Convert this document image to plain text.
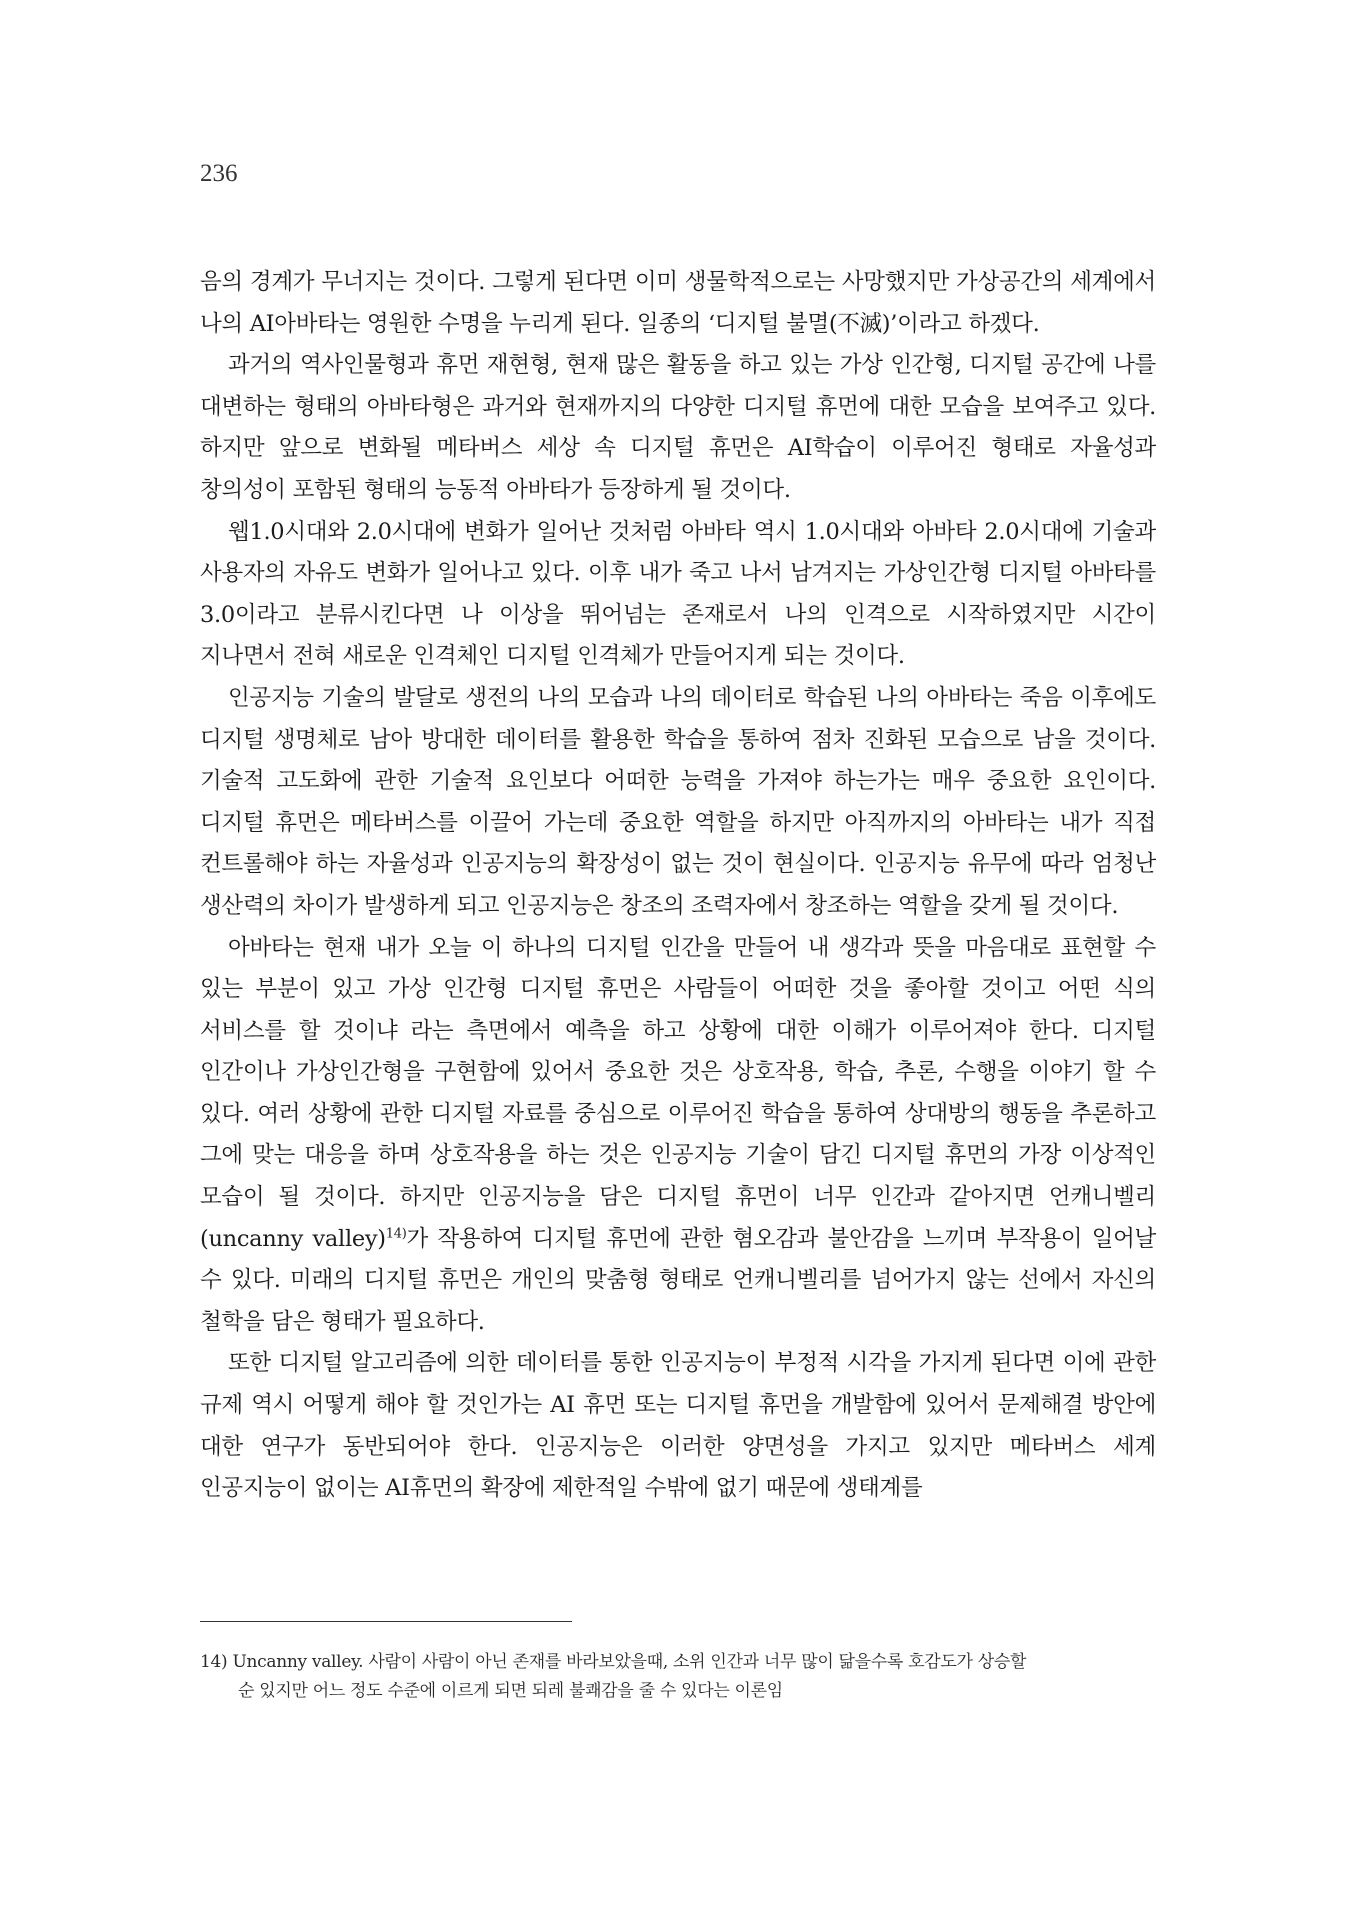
236

음의 경계가 무너지는 것이다. 그렇게 된다면 이미 생물학적으로는 사망했지만 가상공간의 세계에서 나의 AI아바타는 영원한 수명을 누리게 된다. 일종의 ‘디지털 불멸(不滅)’이라고 하겠다.

과거의 역사인물형과 휴먼 재현형, 현재 많은 활동을 하고 있는 가상 인간형, 디지털 공간에 나를 대변하는 형태의 아바타형은 과거와 현재까지의 다양한 디지털 휴먼에 대한 모습을 보여주고 있다. 하지만 앞으로 변화될 메타버스 세상 속 디지털 휴먼은 AI학습이 이루어진 형태로 자율성과 창의성이 포함된 형태의 능동적 아바타가 등장하게 될 것이다.

웹1.0시대와 2.0시대에 변화가 일어난 것처럼 아바타 역시 1.0시대와 아바타 2.0시대에 기술과 사용자의 자유도 변화가 일어나고 있다. 이후 내가 죽고 나서 남겨지는 가상인간형 디지털 아바타를 3.0이라고 분류시킨다면 나 이상을 뛰어넘는 존재로서 나의 인격으로 시작하였지만 시간이 지나면서 전혀 새로운 인격체인 디지털 인격체가 만들어지게 되는 것이다.

인공지능 기술의 발달로 생전의 나의 모습과 나의 데이터로 학습된 나의 아바타는 죽음 이후에도 디지털 생명체로 남아 방대한 데이터를 활용한 학습을 통하여 점차 진화된 모습으로 남을 것이다. 기술적 고도화에 관한 기술적 요인보다 어떠한 능력을 가져야 하는가는 매우 중요한 요인이다. 디지털 휴먼은 메타버스를 이끌어 가는데 중요한 역할을 하지만 아직까지의 아바타는 내가 직접 컨트롤해야 하는 자율성과 인공지능의 확장성이 없는 것이 현실이다. 인공지능 유무에 따라 엄청난 생산력의 차이가 발생하게 되고 인공지능은 창조의 조력자에서 창조하는 역할을 갖게 될 것이다.

아바타는 현재 내가 오늘 이 하나의 디지털 인간을 만들어 내 생각과 뜻을 마음대로 표현할 수 있는 부분이 있고 가상 인간형 디지털 휴먼은 사람들이 어떠한 것을 좋아할 것이고 어떤 식의 서비스를 할 것이냐 라는 측면에서 예측을 하고 상황에 대한 이해가 이루어져야 한다. 디지털 인간이나 가상인간형을 구현함에 있어서 중요한 것은 상호작용, 학습, 추론, 수행을 이야기 할 수 있다. 여러 상황에 관한 디지털 자료를 중심으로 이루어진 학습을 통하여 상대방의 행동을 추론하고 그에 맞는 대응을 하며 상호작용을 하는 것은 인공지능 기술이 담긴 디지털 휴먼의 가장 이상적인 모습이 될 것이다. 하지만 인공지능을 담은 디지털 휴먼이 너무 인간과 같아지면 언캐니벨리(uncanny valley)$^{14)}$가 작용하여 디지털 휴먼에 관한 혐오감과 불안감을 느끼며 부작용이 일어날 수 있다. 미래의 디지털 휴먼은 개인의 맞춤형 형태로 언캐니벨리를 넘어가지 않는 선에서 자신의 철학을 담은 형태가 필요하다.

또한 디지털 알고리즘에 의한 데이터를 통한 인공지능이 부정적 시각을 가지게 된다면 이에 관한 규제 역시 어떻게 해야 할 것인가는 AI 휴먼 또는 디지털 휴먼을 개발함에 있어서 문제해결 방안에 대한 연구가 동반되어야 한다. 인공지능은 이러한 양면성을 가지고 있지만 메타버스 세계 인공지능이 없이는 AI휴먼의 확장에 제한적일 수밖에 없기 때문에 생태계를

14) Uncanny valley. 사람이 사람이 아닌 존재를 바라보았을때, 소위 인간과 너무 많이 닮을수록 호감도가 상승할
순 있지만 어느 정도 수준에 이르게 되면 되레 불쾌감을 줄 수 있다는 이론임
